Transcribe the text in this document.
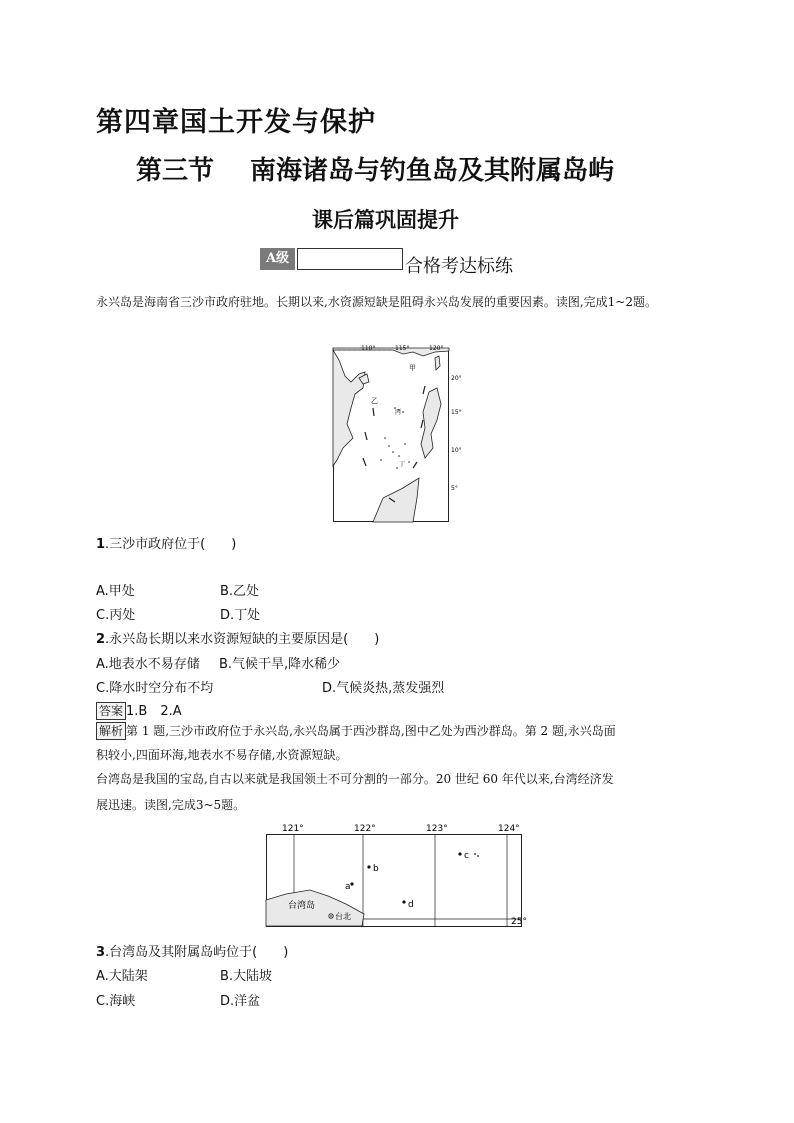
第四章国土开发与保护
第三节 南海诸岛与钓鱼岛及其附属岛屿
课后篇巩固提升
A级	合格考达标练
永兴岛是海南省三沙市政府驻地。长期以来,水资源短缺是阻碍永兴岛发展的重要因素。读图,完成1~2题。
110°	115°	120°
20°
15°
10°
5°
甲
乙
丙
丁
1.三沙市政府位于(　　)
A.甲处	B.乙处
C.丙处	D.丁处
2.永兴岛长期以来水资源短缺的主要原因是(　　)
A.地表水不易存储 B.气候干旱,降水稀少
C.降水时空分布不均	D.气候炎热,蒸发强烈
答案 1.B　2.A
解析 第 1 题,三沙市政府位于永兴岛,永兴岛属于西沙群岛,图中乙处为西沙群岛。第 2 题,永兴岛面
积较小,四面环海,地表水不易存储,水资源短缺。
台湾岛是我国的宝岛,自古以来就是我国领土不可分割的一部分。20 世纪 60 年代以来,台湾经济发
展迅速。读图,完成3~5题。
121°	122°	123°	124°
25°
a
b
c
d
台湾岛
台北
3.台湾岛及其附属岛屿位于(　　)
A.大陆架	B.大陆坡
C.海峡	D.洋盆
